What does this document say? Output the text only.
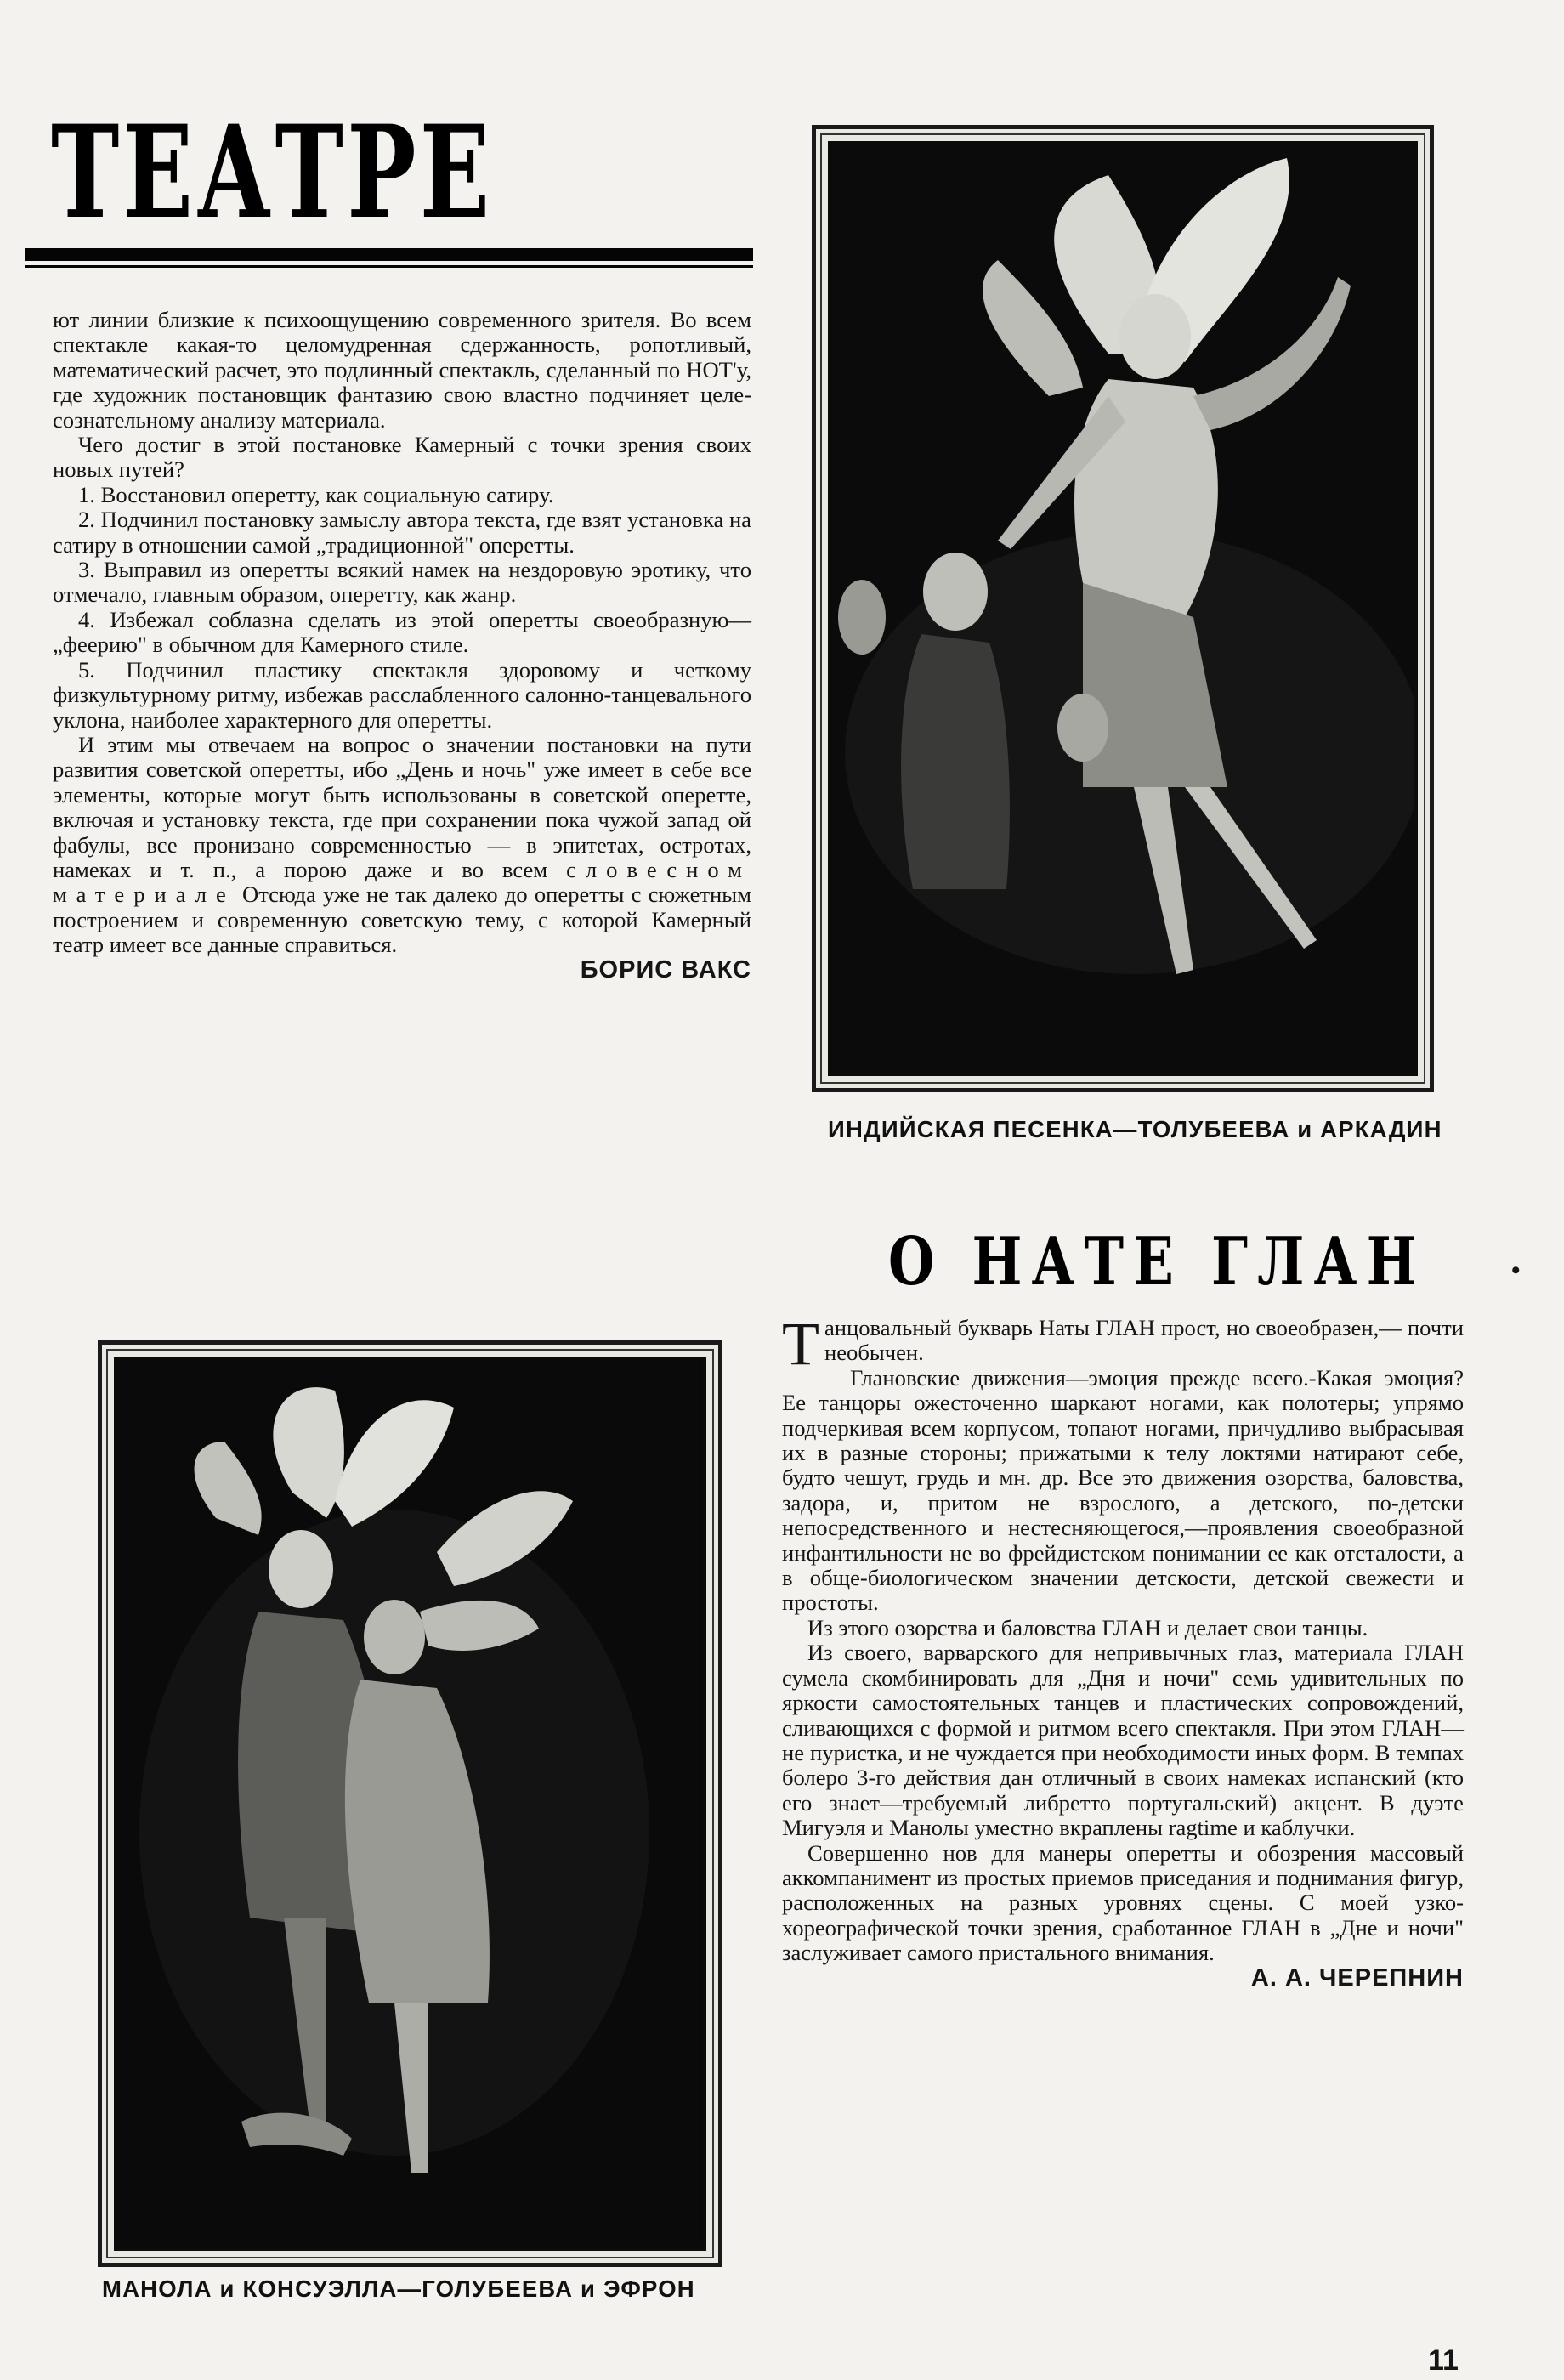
ТЕАТРЕ

ют линии близкие к психоощущению современного зрителя. Во всем спектакле какая-то целомудренная сдержанность, ропотливый, математический расчет, это подлинный спектакль, сделанный по НОТ'у, где художник постановщик фантазию свою властно подчиняет целе-сознательному анализу материала.

Чего достиг в этой постановке Камерный с точки зрения своих новых путей?

1. Восстановил оперетту, как социальную сатиру.

2. Подчинил постановку замыслу автора текста, где взят установка на сатиру в отношении самой „традиционной" оперетты.

3. Выправил из оперетты всякий намек на нездоровую эротику, что отмечало, главным образом, оперетту, как жанр.

4. Избежал соблазна сделать из этой оперетты своеобразную—„феерию" в обычном для Камерного стиле.

5. Подчинил пластику спектакля здоровому и четкому физкультурному ритму, избежав расслабленного салонно-танцевального уклона, наиболее характерного для оперетты.

И этим мы отвечаем на вопрос о значении постановки на пути развития советской оперетты, ибо „День и ночь" уже имеет в себе все элементы, которые могут быть использованы в советской оперетте, включая и установку текста, где при сохранении пока чужой запад ой фабулы, все пронизано современностью — в эпитетах, остротах, намеках и т. п., а порою даже и во всем словесном материале Отсюда уже не так далеко до оперетты с сюжетным построением и современную советскую тему, с которой Камерный театр имеет все данные справиться.

БОРИС ВАКС
ИНДИЙСКАЯ ПЕСЕНКА—ТОЛУБЕЕВА и АРКАДИН
О НАТЕ ГЛАН	•

Танцовальный букварь Наты ГЛАН прост, но своеобразен,— почти необычен.

Глановские движения—эмоция прежде всего.-Какая эмоция? Ее танцоры ожесточенно шаркают ногами, как полотеры; упрямо подчеркивая всем корпусом, топают ногами, причудливо выбрасывая их в разные стороны; прижатыми к телу локтями натирают себе, будто чешут, грудь и мн. др. Все это движения озорства, баловства, задора, и, притом не взрослого, а детского, по-детски непосредственного и нестесняющегося,—проявления своеобразной инфантильности не во фрейдистском понимании ее как отсталости, а в обще-биологическом значении детскости, детской свежести и простоты.

Из этого озорства и баловства ГЛАН и делает свои танцы.

Из своего, варварского для непривычных глаз, материала ГЛАН сумела скомбинировать для „Дня и ночи" семь удивительных по яркости самостоятельных танцев и пластических сопровождений, сливающихся с формой и ритмом всего спектакля. При этом ГЛАН—не пуристка, и не чуждается при необходимости иных форм. В темпах болеро 3-го действия дан отличный в своих намеках испанский (кто его знает—требуемый либретто португальский) акцент. В дуэте Мигуэля и Манолы уместно вкраплены ragtime и каблучки.

Совершенно нов для манеры оперетты и обозрения массовый аккомпанимент из простых приемов приседания и поднимания фигур, расположенных на разных уровнях сцены. С моей узко-хореографической точки зрения, сработанное ГЛАН в „Дне и ночи" заслуживает самого пристального внимания.

А. А. ЧЕРЕПНИН
МАНОЛА и КОНСУЭЛЛА—ГОЛУБЕЕВА и ЭФРОН
11
